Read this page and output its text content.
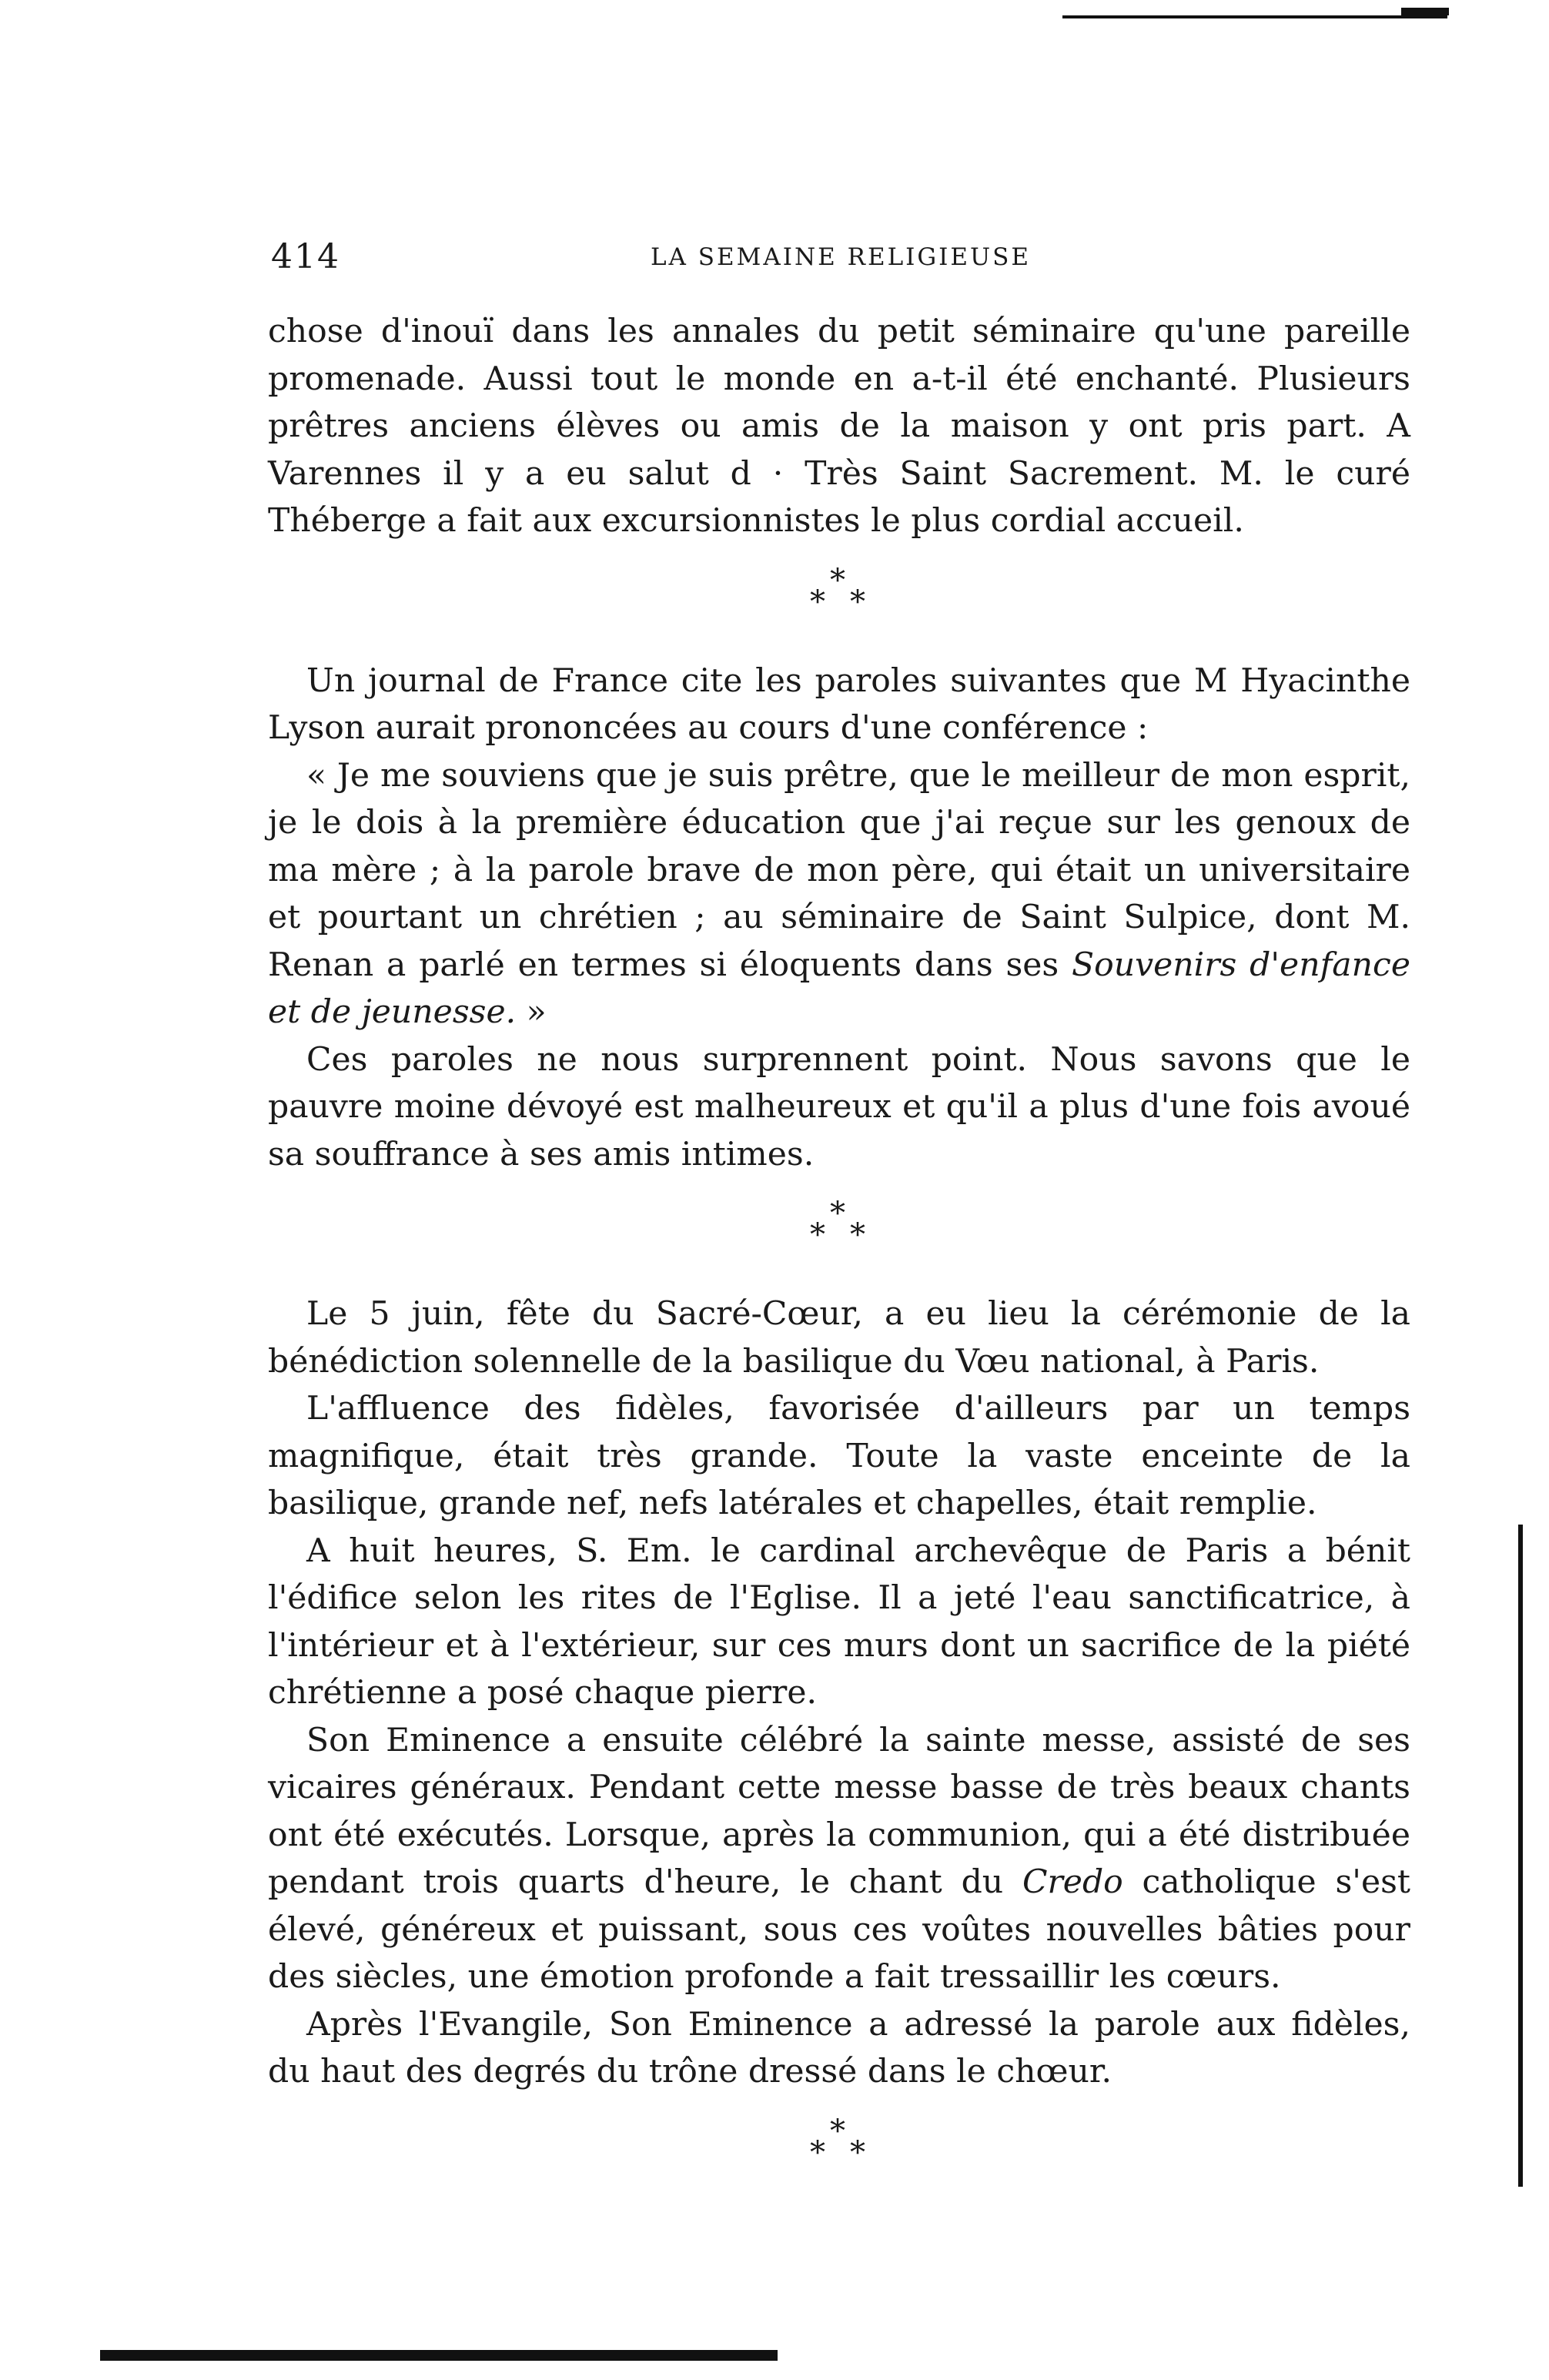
414	LA SEMAINE RELIGIEUSE

chose d'inouï dans les annales du petit séminaire qu'une pareille promenade. Aussi tout le monde en a-t-il été enchanté. Plusieurs prêtres anciens élèves ou amis de la maison y ont pris part. A Varennes il y a eu salut d · Très Saint Sacrement. M. le curé Théberge a fait aux excursionnistes le plus cordial accueil.

*
* *

Un journal de France cite les paroles suivantes que M Hyacinthe Lyson aurait prononcées au cours d'une conférence :

« Je me souviens que je suis prêtre, que le meilleur de mon esprit, je le dois à la première éducation que j'ai reçue sur les genoux de ma mère ; à la parole brave de mon père, qui était un universitaire et pourtant un chrétien ; au séminaire de Saint Sulpice, dont M. Renan a parlé en termes si éloquents dans ses Souvenirs d'enfance et de jeunesse. »

Ces paroles ne nous surprennent point. Nous savons que le pauvre moine dévoyé est malheureux et qu'il a plus d'une fois avoué sa souffrance à ses amis intimes.

*
* *

Le 5 juin, fête du Sacré-Cœur, a eu lieu la cérémonie de la bénédiction solennelle de la basilique du Vœu national, à Paris.

L'affluence des fidèles, favorisée d'ailleurs par un temps magnifique, était très grande. Toute la vaste enceinte de la basilique, grande nef, nefs latérales et chapelles, était remplie.

A huit heures, S. Em. le cardinal archevêque de Paris a bénit l'édifice selon les rites de l'Eglise. Il a jeté l'eau sanctificatrice, à l'intérieur et à l'extérieur, sur ces murs dont un sacrifice de la piété chrétienne a posé chaque pierre.

Son Eminence a ensuite célébré la sainte messe, assisté de ses vicaires généraux. Pendant cette messe basse de très beaux chants ont été exécutés. Lorsque, après la communion, qui a été distribuée pendant trois quarts d'heure, le chant du Credo catholique s'est élevé, généreux et puissant, sous ces voûtes nouvelles bâties pour des siècles, une émotion profonde a fait tressaillir les cœurs.

Après l'Evangile, Son Eminence a adressé la parole aux fidèles, du haut des degrés du trône dressé dans le chœur.

*
* *
